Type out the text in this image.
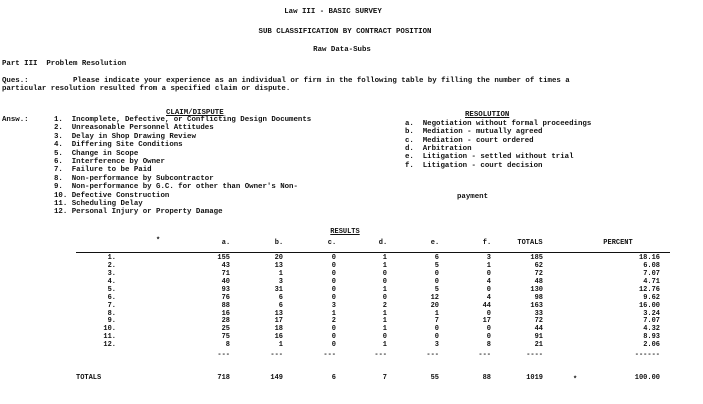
Law III - BASIC SURVEY
SUB CLASSIFICATION BY CONTRACT POSITION
Raw Data-Subs
Part III  Problem Resolution
Ques.:	Please indicate your experience as an individual or firm in the following table by filling the number of times a
particular resolution resulted from a specified claim or dispute.
CLAIM/DISPUTE	RESOLUTION
Answ.:	1.  Incomplete, Defective, or Conflicting Design Documents
2.  Unreasonable Personnel Attitudes
3.  Delay in Shop Drawing Review
4.  Differing Site Conditions
5.  Change in Scope
6.  Interference by Owner
7.  Failure to be Paid
8.  Non-performance by Subcontractor
9.  Non-performance by G.C. for other than Owner's Non-
10. Defective Construction
11. Scheduling Delay
12. Personal Injury or Property Damage
a.  Negotiation without formal proceedings
b.  Mediation - mutually agreed
c.  Mediation - court ordered
d.  Arbitration
e.  Litigation - settled without trial
f.  Litigation - court decision
payment
RESULTS
*	a.	b.	c.	d.	e.	f.	TOTALS	PERCENT
1.	155	20	0	1	6	3	185	18.16
2.	43	13	0	1	5	1	62	6.08
3.	71	1	0	0	0	0	72	7.07
4.	40	3	0	0	0	4	48	4.71
5.	93	31	0	1	5	0	130	12.76
6.	76	6	0	0	12	4	98	9.62
7.	88	6	3	2	20	44	163	16.00
8.	16	13	1	1	1	0	33	3.24
9.	28	17	2	1	7	17	72	7.07
10.	25	18	0	1	0	0	44	4.32
11.	75	16	0	0	0	0	91	8.93
12.	8	1	0	1	3	8	21	2.06
---	---	---	---	---	---	----	------
TOTALS	718	149	6	7	55	88	1019	100.00
*
